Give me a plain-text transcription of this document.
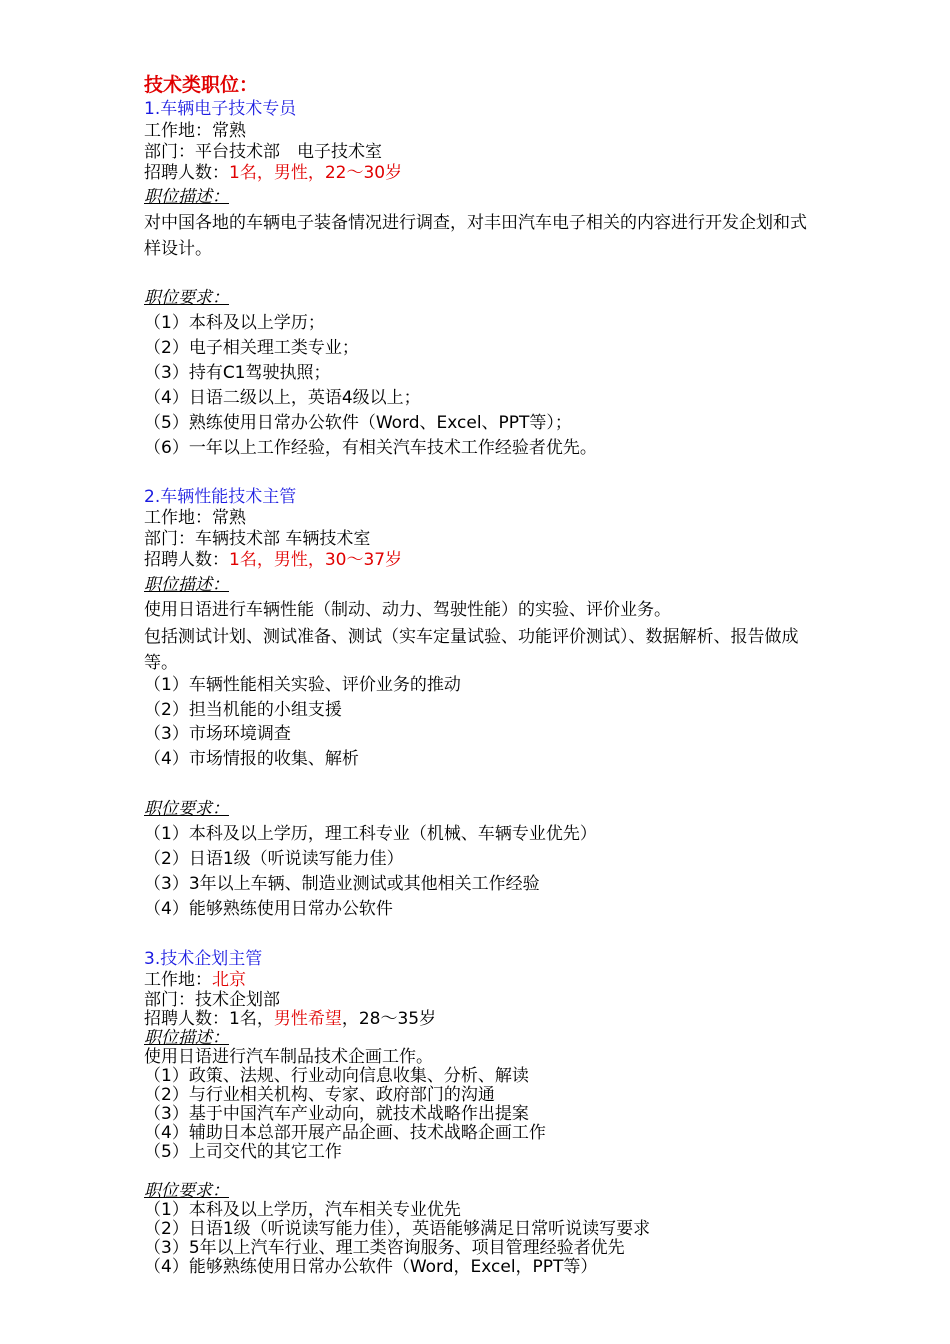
技术类职位：
1.车辆电子技术专员
工作地：常熟
部门：平台技术部　电子技术室
招聘人数：1名，男性，22～30岁
职位描述：
对中国各地的车辆电子装备情况进行调查，对丰田汽车电子相关的内容进行开发企划和式样设计。
职位要求：
（1）本科及以上学历；
（2）电子相关理工类专业；
（3）持有C1驾驶执照；
（4）日语二级以上，英语4级以上；
（5）熟练使用日常办公软件（Word、Excel、PPT等）；
（6）一年以上工作经验，有相关汽车技术工作经验者优先。
2.车辆性能技术主管
工作地：常熟
部门：车辆技术部 车辆技术室
招聘人数：1名，男性，30～37岁
职位描述：
使用日语进行车辆性能（制动、动力、驾驶性能）的实验、评价业务。
包括测试计划、测试准备、测试（实车定量试验、功能评价测试）、数据解析、报告做成等。
（1）车辆性能相关实验、评价业务的推动
（2）担当机能的小组支援
（3）市场环境调查
（4）市场情报的收集、解析
职位要求：
（1）本科及以上学历，理工科专业（机械、车辆专业优先）
（2）日语1级（听说读写能力佳）
（3）3年以上车辆、制造业测试或其他相关工作经验
（4）能够熟练使用日常办公软件
3.技术企划主管
工作地：北京
部门：技术企划部
招聘人数：1名，男性希望，28～35岁
职位描述：
使用日语进行汽车制品技术企画工作。
（1）政策、法规、行业动向信息收集、分析、解读
（2）与行业相关机构、专家、政府部门的沟通
（3）基于中国汽车产业动向，就技术战略作出提案
（4）辅助日本总部开展产品企画、技术战略企画工作
（5）上司交代的其它工作
职位要求：
（1）本科及以上学历，汽车相关专业优先
（2）日语1级（听说读写能力佳），英语能够满足日常听说读写要求
（3）5年以上汽车行业、理工类咨询服务、项目管理经验者优先
（4）能够熟练使用日常办公软件（Word，Excel，PPT等）
